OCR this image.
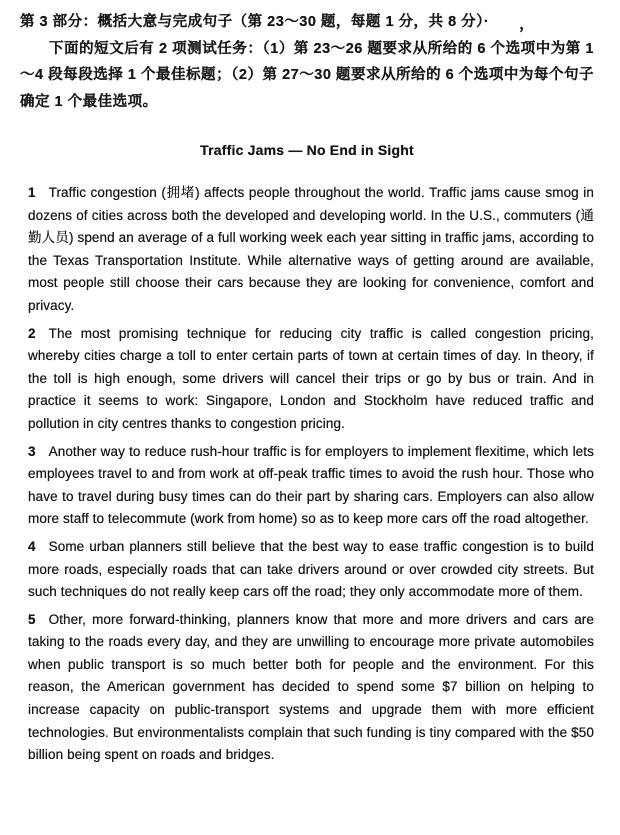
第 3 部分：概括大意与完成句子（第 23～30 题，每题 1 分，共 8 分）· ，

下面的短文后有 2 项测试任务：（1）第 23～26 题要求从所给的 6 个选项中为第 1～4 段每段选择 1 个最佳标题；（2）第 27～30 题要求从所给的 6 个选项中为每个句子确定 1 个最佳选项。

Traffic Jams — No End in Sight

1 Traffic congestion (拥堵) affects people throughout the world. Traffic jams cause smog in dozens of cities across both the developed and developing world. In the U.S., commuters (通勤人员) spend an average of a full working week each year sitting in traffic jams, according to the Texas Transportation Institute. While alternative ways of getting around are available, most people still choose their cars because they are looking for convenience, comfort and privacy.

2 The most promising technique for reducing city traffic is called congestion pricing, whereby cities charge a toll to enter certain parts of town at certain times of day. In theory, if the toll is high enough, some drivers will cancel their trips or go by bus or train. And in practice it seems to work: Singapore, London and Stockholm have reduced traffic and pollution in city centres thanks to congestion pricing.

3 Another way to reduce rush-hour traffic is for employers to implement flexitime, which lets employees travel to and from work at off-peak traffic times to avoid the rush hour. Those who have to travel during busy times can do their part by sharing cars. Employers can also allow more staff to telecommute (work from home) so as to keep more cars off the road altogether.

4 Some urban planners still believe that the best way to ease traffic congestion is to build more roads, especially roads that can take drivers around or over crowded city streets. But such techniques do not really keep cars off the road; they only accommodate more of them.

5 Other, more forward-thinking, planners know that more and more drivers and cars are taking to the roads every day, and they are unwilling to encourage more private automobiles when public transport is so much better both for people and the environment. For this reason, the American government has decided to spend some $7 billion on helping to increase capacity on public-transport systems and upgrade them with more efficient technologies. But environmentalists complain that such funding is tiny compared with the $50 billion being spent on roads and bridges.
